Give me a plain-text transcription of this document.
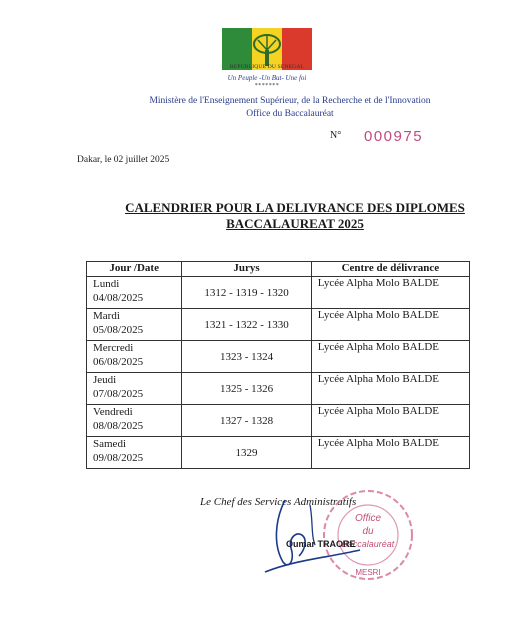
REPUBLIQUE DU SENEGAL
Un Peuple -Un But- Une foi
*******
Ministère de l'Enseignement Supérieur, de la Recherche et de l'Innovation
Office du Baccalauréat
N° 000975
Dakar, le 02 juillet 2025
CALENDRIER POUR LA DELIVRANCE DES DIPLOMES
BACCALAUREAT 2025
Jour /Date	Jurys	Centre de délivrance

Lundi
04/08/2025	1312 - 1319 - 1320	Lycée Alpha Molo BALDE

Mardi
05/08/2025	1321 - 1322 - 1330	Lycée Alpha Molo BALDE

Mercredi
06/08/2025	1323 - 1324	Lycée Alpha Molo BALDE

Jeudi
07/08/2025	1325 - 1326	Lycée Alpha Molo BALDE

Vendredi
08/08/2025	1327 - 1328	Lycée Alpha Molo BALDE

Samedi
09/08/2025	1329	Lycée Alpha Molo BALDE
Le Chef des Services Administratifs
Office
du
Baccalauréat
MESRI
Oumar TRAORE
